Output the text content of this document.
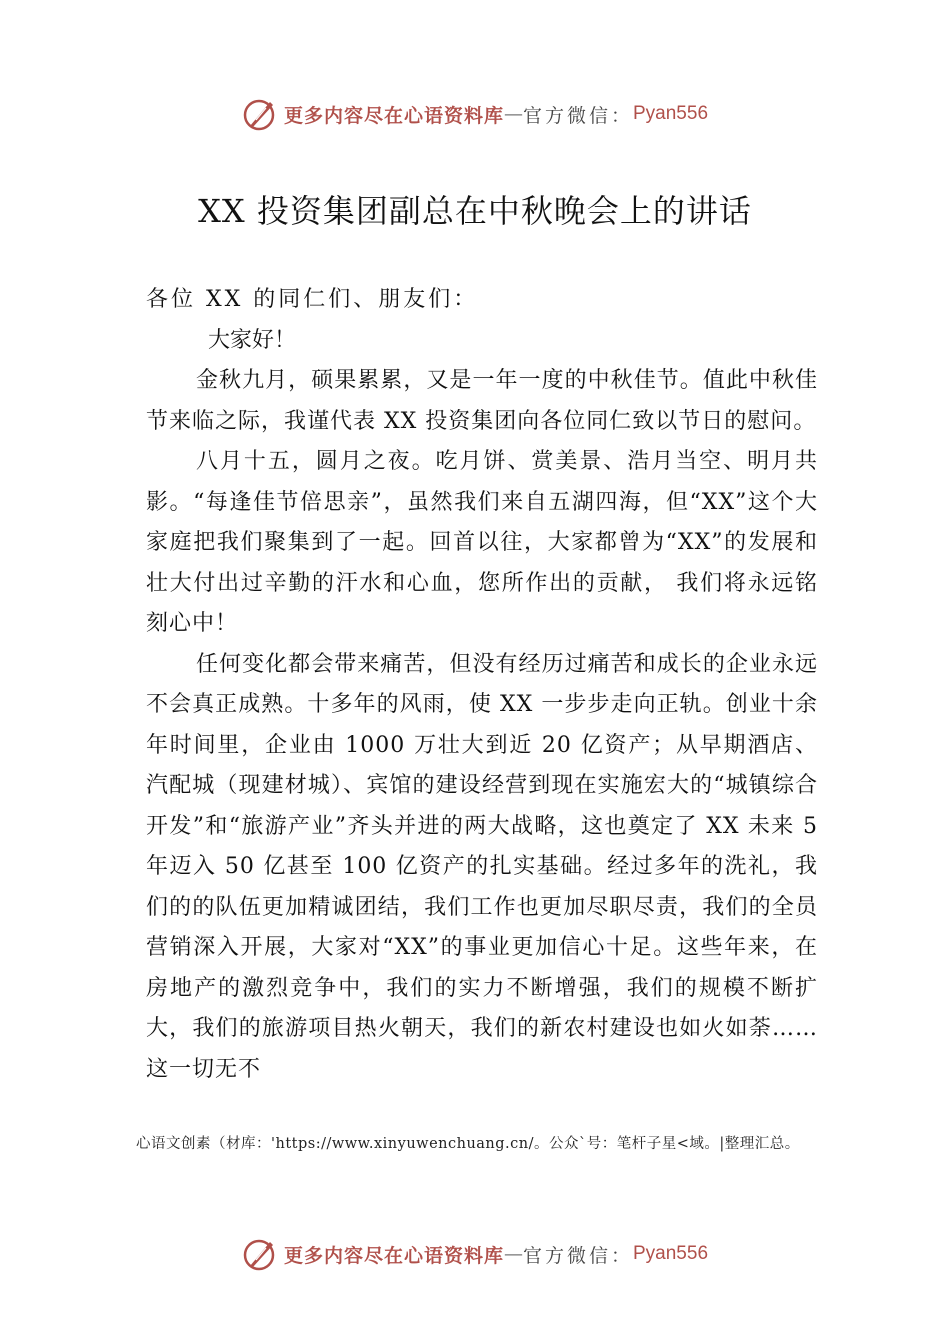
更多内容尽在心语资料库 — 官方微信： Pyan556
XX 投资集团副总在中秋晚会上的讲话

各位 XX 的同仁们、朋友们：

大家好！

金秋九月，硕果累累，又是一年一度的中秋佳节。值此中秋佳节来临之际，我谨代表 XX 投资集团向各位同仁致以节日的慰问。

八月十五，圆月之夜。吃月饼、赏美景、浩月当空、明月共影。“每逢佳节倍思亲”，虽然我们来自五湖四海，但“XX”这个大家庭把我们聚集到了一起。回首以往，大家都曾为“XX”的发展和壮大付出过辛勤的汗水和心血，您所作出的贡献， 我们将永远铭刻心中！

任何变化都会带来痛苦，但没有经历过痛苦和成长的企业永远不会真正成熟。十多年的风雨，使 XX 一步步走向正轨。创业十余年时间里，企业由 1000 万壮大到近 20 亿资产；从早期酒店、汽配城（现建材城）、宾馆的建设经营到现在实施宏大的“城镇综合开发”和“旅游产业”齐头并进的两大战略，这也奠定了 XX 未来 5 年迈入 50 亿甚至 100 亿资产的扎实基础。经过多年的洗礼，我们的的队伍更加精诚团结，我们工作也更加尽职尽责，我们的全员营销深入开展，大家对“XX”的事业更加信心十足。这些年来，在房地产的激烈竞争中，我们的实力不断增强，我们的规模不断扩大，我们的旅游项目热火朝天，我们的新农村建设也如火如荼……这一切无不

心语文创素（材库：'https://www.xinyuwenchuang.cn/。公众`号：笔杆子星<域。|整理汇总。
更多内容尽在心语资料库 — 官方微信： Pyan556
